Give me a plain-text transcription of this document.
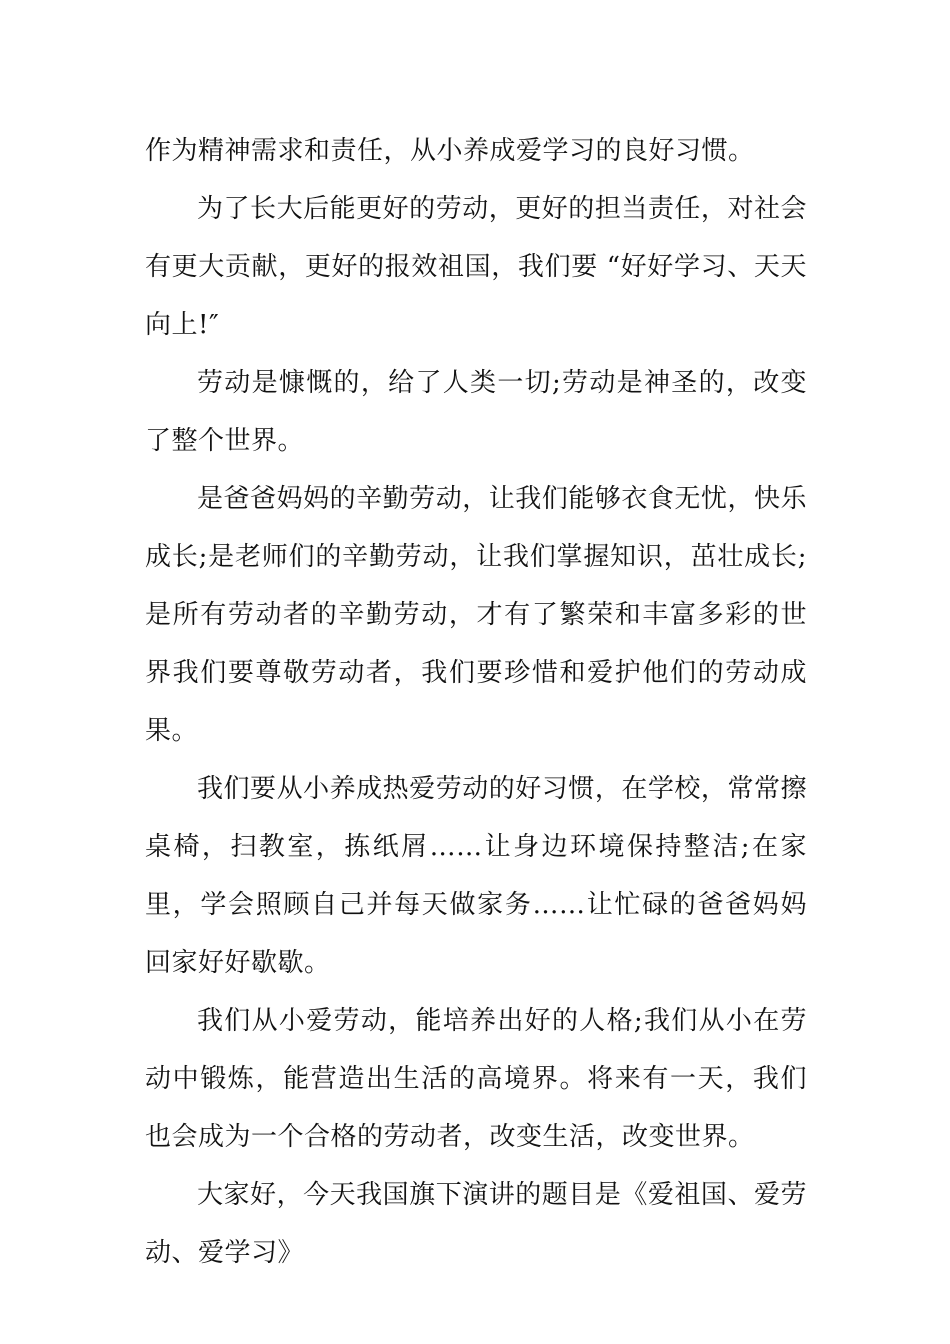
作为精神需求和责任，从小养成爱学习的良好习惯。

为了长大后能更好的劳动，更好的担当责任，对社会有更大贡献，更好的报效祖国，我们要 “好好学习、天天向上!″

劳动是慷慨的，给了人类一切;劳动是神圣的，改变了整个世界。

是爸爸妈妈的辛勤劳动，让我们能够衣食无忧，快乐成长;是老师们的辛勤劳动，让我们掌握知识，茁壮成长;是所有劳动者的辛勤劳动，才有了繁荣和丰富多彩的世界我们要尊敬劳动者，我们要珍惜和爱护他们的劳动成果。

我们要从小养成热爱劳动的好习惯，在学校，常常擦桌椅，扫教室，拣纸屑……让身边环境保持整洁;在家里，学会照顾自己并每天做家务……让忙碌的爸爸妈妈回家好好歇歇。

我们从小爱劳动，能培养出好的人格;我们从小在劳动中锻炼，能营造出生活的高境界。将来有一天，我们也会成为一个合格的劳动者，改变生活，改变世界。

大家好，今天我国旗下演讲的题目是《爱祖国、爱劳动、爱学习》
